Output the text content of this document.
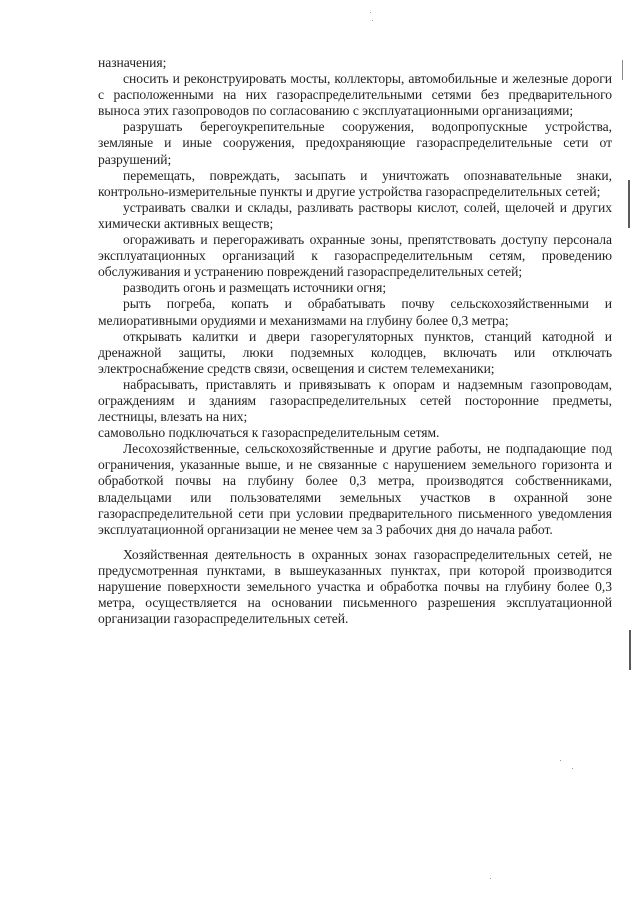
назначения;

сносить и реконструировать мосты, коллекторы, автомобильные и железные дороги с расположенными на них газораспределительными сетями без предварительного выноса этих газопроводов по согласованию с эксплуатационными организациями;

разрушать берегоукрепительные сооружения, водопропускные устройства, земляные и иные сооружения, предохраняющие газораспределительные сети от разрушений;

перемещать, повреждать, засыпать и уничтожать опознавательные знаки, контрольно-измерительные пункты и другие устройства газораспределительных сетей;

устраивать свалки и склады, разливать растворы кислот, солей, щелочей и других химически активных веществ;

огораживать и перегораживать охранные зоны, препятствовать доступу персонала эксплуатационных организаций к газораспределительным сетям, проведению обслуживания и устранению повреждений газораспределительных сетей;

разводить огонь и размещать источники огня;

рыть погреба, копать и обрабатывать почву сельскохозяйственными и мелиоративными орудиями и механизмами на глубину более 0,3 метра;

открывать калитки и двери газорегуляторных пунктов, станций катодной и дренажной защиты, люки подземных колодцев, включать или отключать электроснабжение средств связи, освещения и систем телемеханики;

набрасывать, приставлять и привязывать к опорам и надземным газопроводам, ограждениям и зданиям газораспределительных сетей посторонние предметы, лестницы, влезать на них;

самовольно подключаться к газораспределительным сетям.

Лесохозяйственные, сельскохозяйственные и другие работы, не подпадающие под ограничения, указанные выше, и не связанные с нарушением земельного горизонта и обработкой почвы на глубину более 0,3 метра, производятся собственниками, владельцами или пользователями земельных участков в охранной зоне газораспределительной сети при условии предварительного письменного уведомления эксплуатационной организации не менее чем за 3 рабочих дня до начала работ.

Хозяйственная деятельность в охранных зонах газораспределительных сетей, не предусмотренная пунктами, в вышеуказанных пунктах, при которой производится нарушение поверхности земельного участка и обработка почвы на глубину более 0,3 метра, осуществляется на основании письменного разрешения эксплуатационной организации газораспределительных сетей.
